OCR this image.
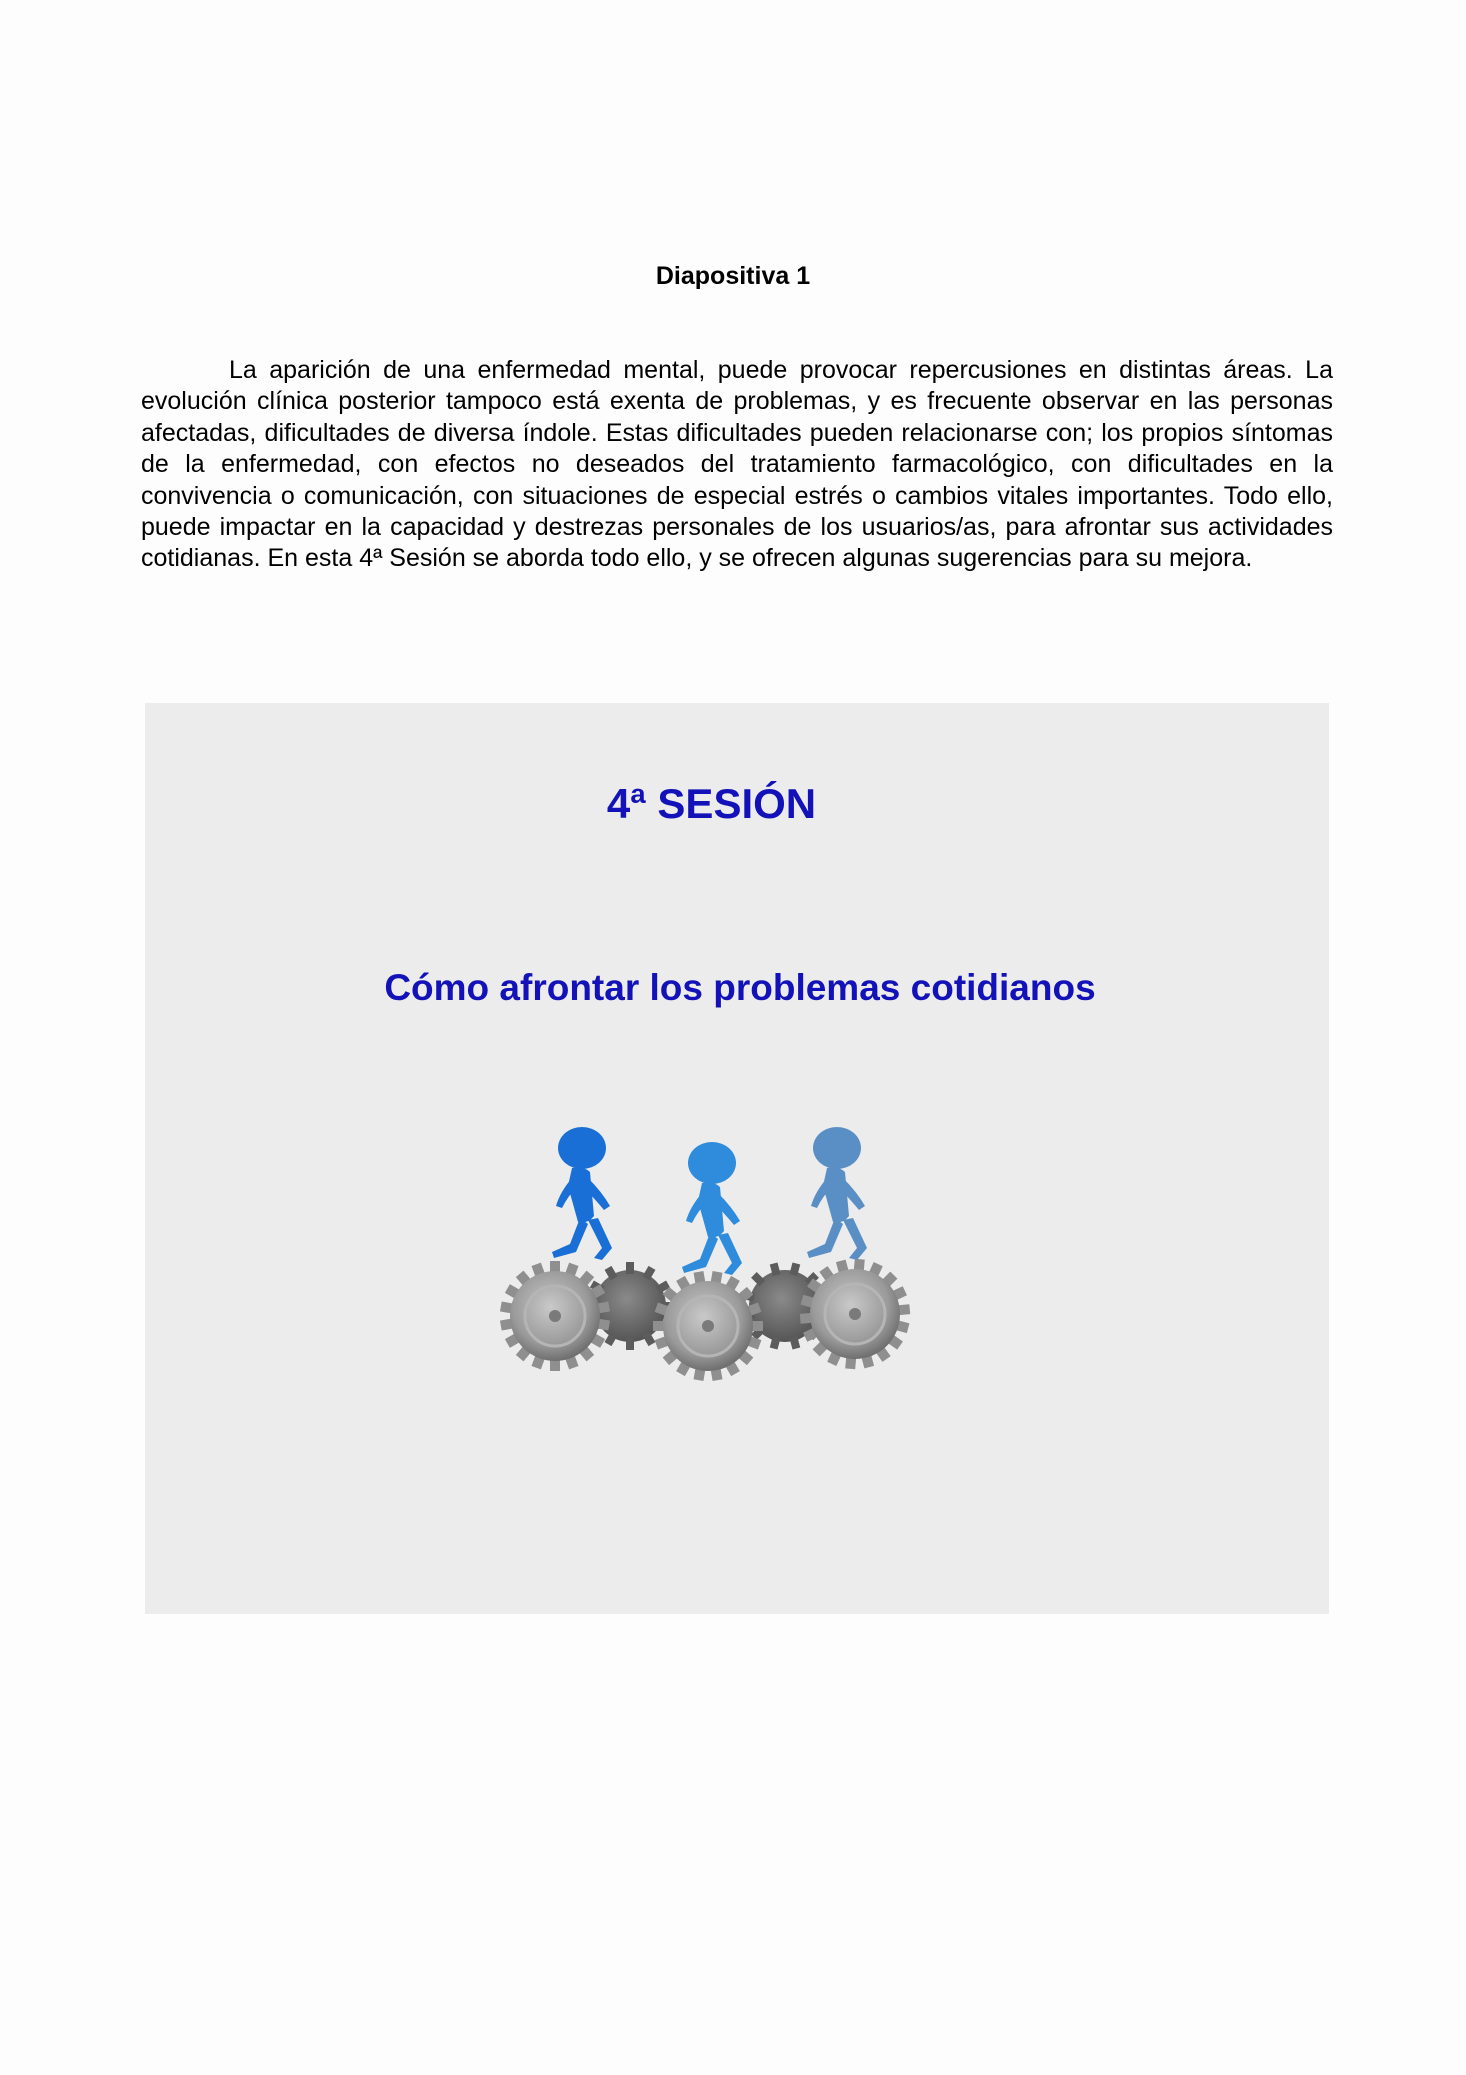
Diapositiva 1

La aparición de una enfermedad mental, puede provocar repercusiones en distintas áreas. La evolución clínica posterior tampoco está exenta de problemas, y es frecuente observar en las personas afectadas, dificultades de diversa índole. Estas dificultades pueden relacionarse con; los propios síntomas de la enfermedad, con efectos no deseados del tratamiento farmacológico, con dificultades en la convivencia o comunicación, con situaciones de especial estrés o cambios vitales importantes. Todo ello, puede impactar en la capacidad y destrezas personales de los usuarios/as, para afrontar sus actividades cotidianas. En esta 4ª Sesión se aborda todo ello, y se ofrecen algunas sugerencias para su mejora.

4ª SESIÓN
Cómo afrontar los problemas cotidianos
